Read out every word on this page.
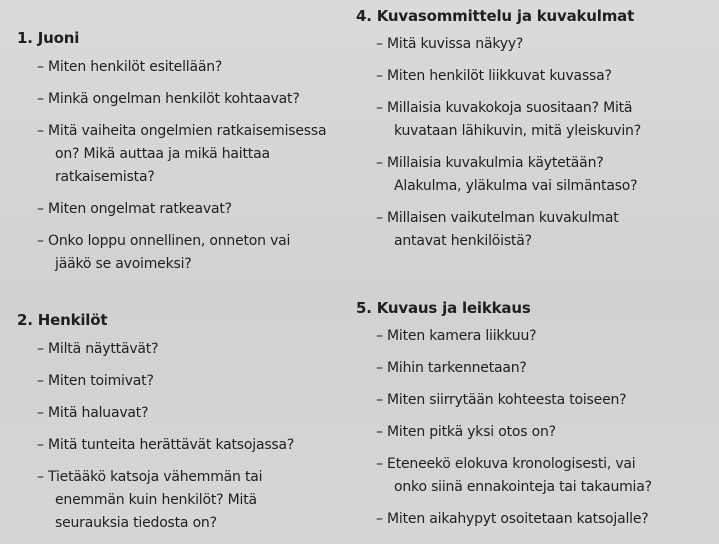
1. Juoni
– Miten henkilöt esitellään?
– Minkä ongelman henkilöt kohtaavat?
– Mitä vaiheita ongelmien ratkaisemisessa
on? Mikä auttaa ja mikä haittaa
ratkaisemista?
– Miten ongelmat ratkeavat?
– Onko loppu onnellinen, onneton vai
jääkö se avoimeksi?
4. Kuvasommittelu ja kuvakulmat
– Mitä kuvissa näkyy?
– Miten henkilöt liikkuvat kuvassa?
– Millaisia kuvakokoja suositaan? Mitä
kuvataan lähikuvin, mitä yleiskuvin?
– Millaisia kuvakulmia käytetään?
Alakulma, yläkulma vai silmäntaso?
– Millaisen vaikutelman kuvakulmat
antavat henkilöistä?
2. Henkilöt
– Miltä näyttävät?
– Miten toimivat?
– Mitä haluavat?
– Mitä tunteita herättävät katsojassa?
– Tietääkö katsoja vähemmän tai
enemmän kuin henkilöt? Mitä
seurauksia tiedosta on?
5. Kuvaus ja leikkaus
– Miten kamera liikkuu?
– Mihin tarkennetaan?
– Miten siirrytään kohteesta toiseen?
– Miten pitkä yksi otos on?
– Eteneekö elokuva kronologisesti, vai
onko siinä ennakointeja tai takaumia?
– Miten aikahypyt osoitetaan katsojalle?
